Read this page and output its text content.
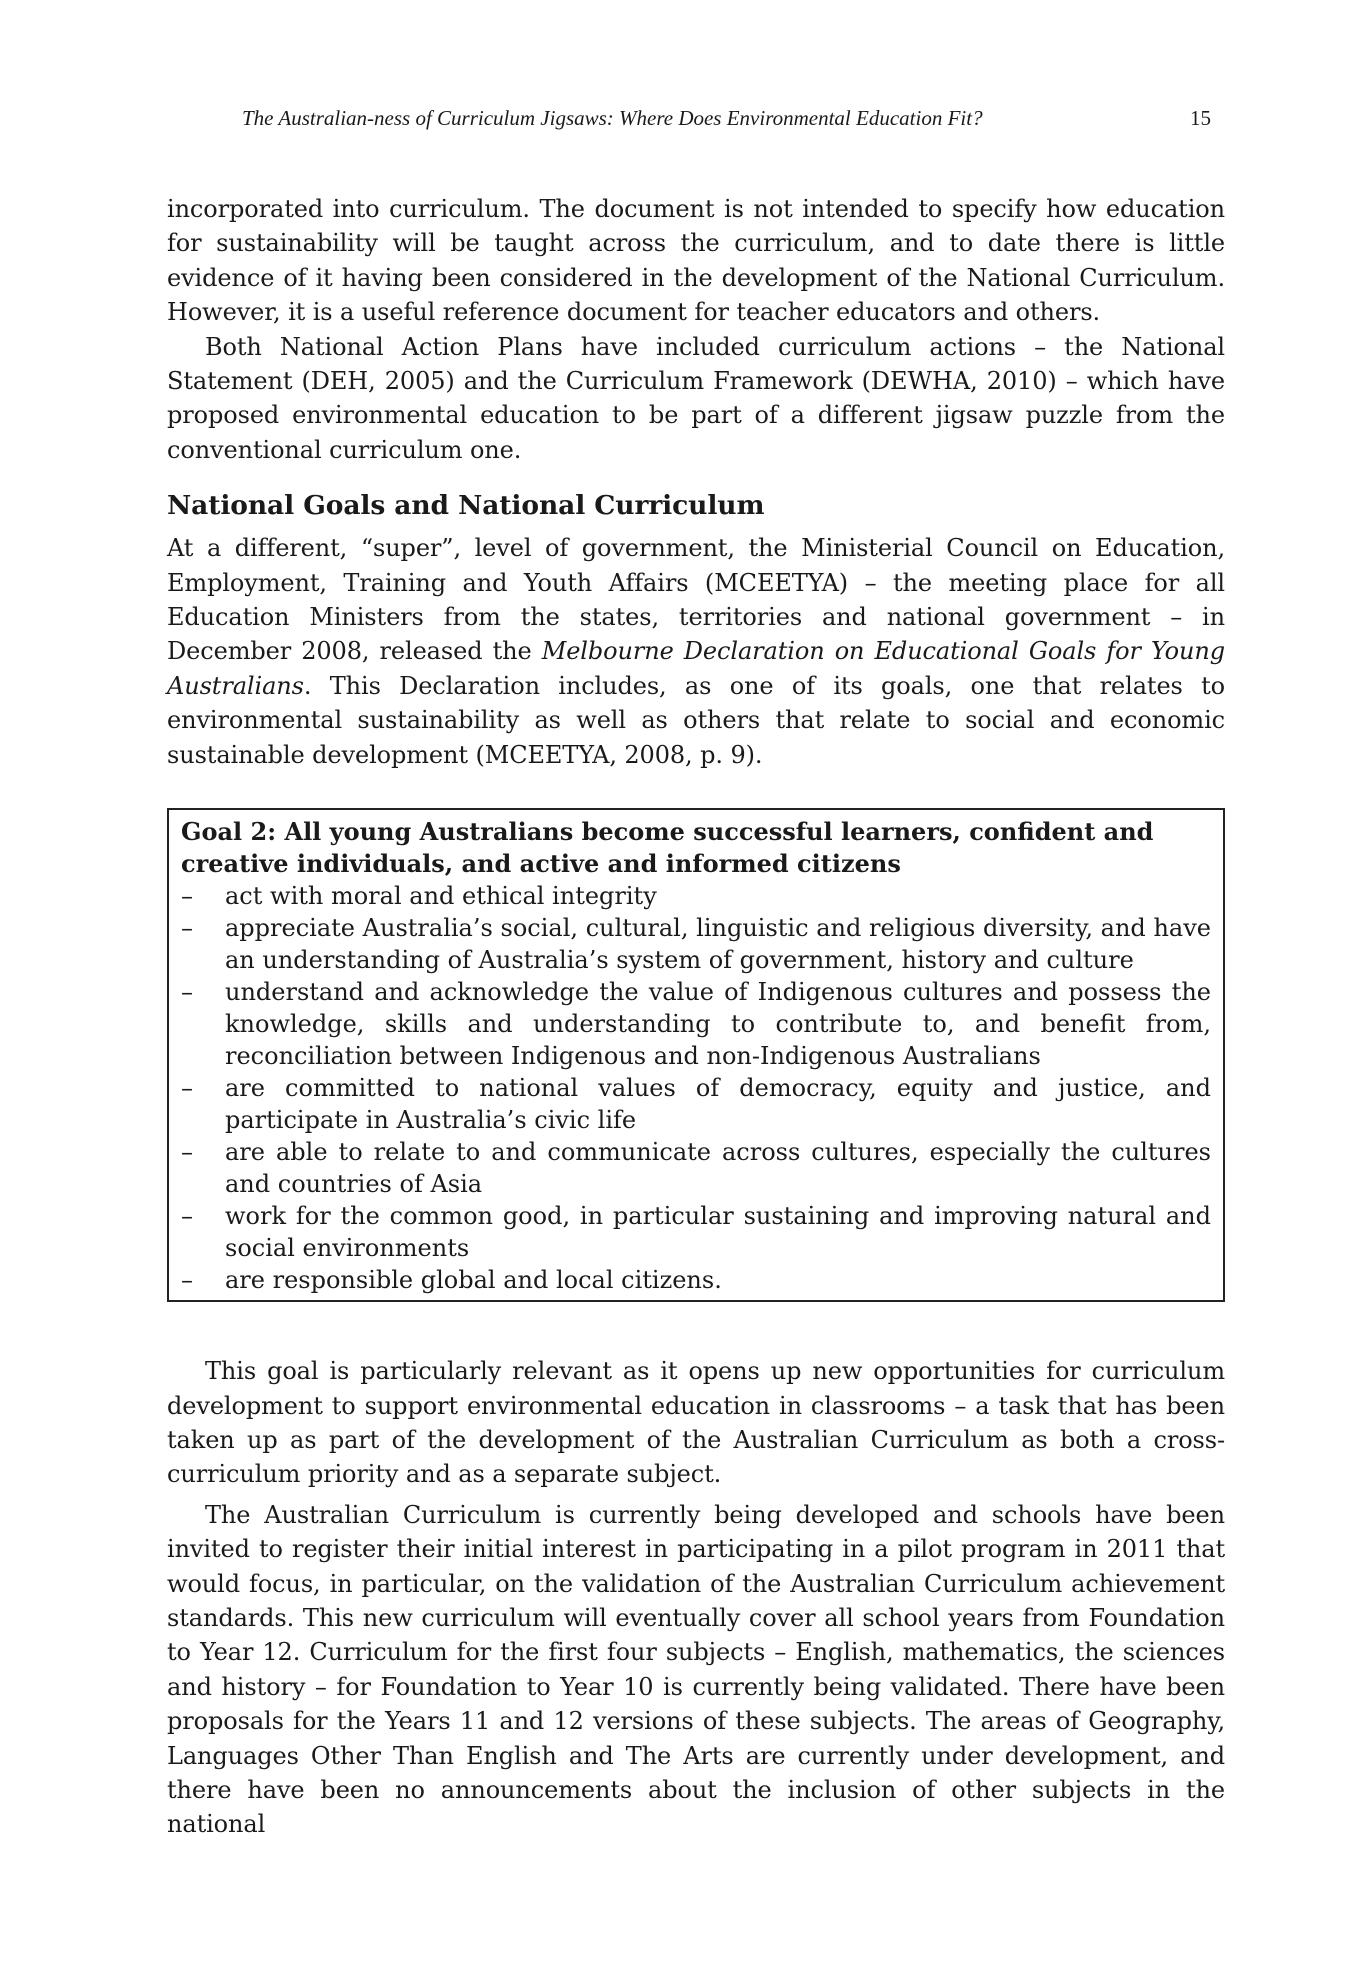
The Australian-ness of Curriculum Jigsaws: Where Does Environmental Education Fit?	15

incorporated into curriculum. The document is not intended to specify how education for sustainability will be taught across the curriculum, and to date there is little evidence of it having been considered in the development of the National Curriculum. However, it is a useful reference document for teacher educators and others.

Both National Action Plans have included curriculum actions – the National Statement (DEH, 2005) and the Curriculum Framework (DEWHA, 2010) – which have proposed environmental education to be part of a different jigsaw puzzle from the conventional curriculum one.

National Goals and National Curriculum

At a different, “super”, level of government, the Ministerial Council on Education, Employment, Training and Youth Affairs (MCEETYA) – the meeting place for all Education Ministers from the states, territories and national government – in December 2008, released the Melbourne Declaration on Educational Goals for Young Australians. This Declaration includes, as one of its goals, one that relates to environmental sustainability as well as others that relate to social and economic sustainable development (MCEETYA, 2008, p. 9).

Goal 2: All young Australians become successful learners, confident and creative individuals, and active and informed citizens
– act with moral and ethical integrity
– appreciate Australia’s social, cultural, linguistic and religious diversity, and have an understanding of Australia’s system of government, history and culture
– understand and acknowledge the value of Indigenous cultures and possess the knowledge, skills and understanding to contribute to, and benefit from, reconciliation between Indigenous and non-Indigenous Australians
– are committed to national values of democracy, equity and justice, and participate in Australia’s civic life
– are able to relate to and communicate across cultures, especially the cultures and countries of Asia
– work for the common good, in particular sustaining and improving natural and social environments
– are responsible global and local citizens.

This goal is particularly relevant as it opens up new opportunities for curriculum development to support environmental education in classrooms – a task that has been taken up as part of the development of the Australian Curriculum as both a cross-curriculum priority and as a separate subject.

The Australian Curriculum is currently being developed and schools have been invited to register their initial interest in participating in a pilot program in 2011 that would focus, in particular, on the validation of the Australian Curriculum achievement standards. This new curriculum will eventually cover all school years from Foundation to Year 12. Curriculum for the first four subjects – English, mathematics, the sciences and history – for Foundation to Year 10 is currently being validated. There have been proposals for the Years 11 and 12 versions of these subjects. The areas of Geography, Languages Other Than English and The Arts are currently under development, and there have been no announcements about the inclusion of other subjects in the national
